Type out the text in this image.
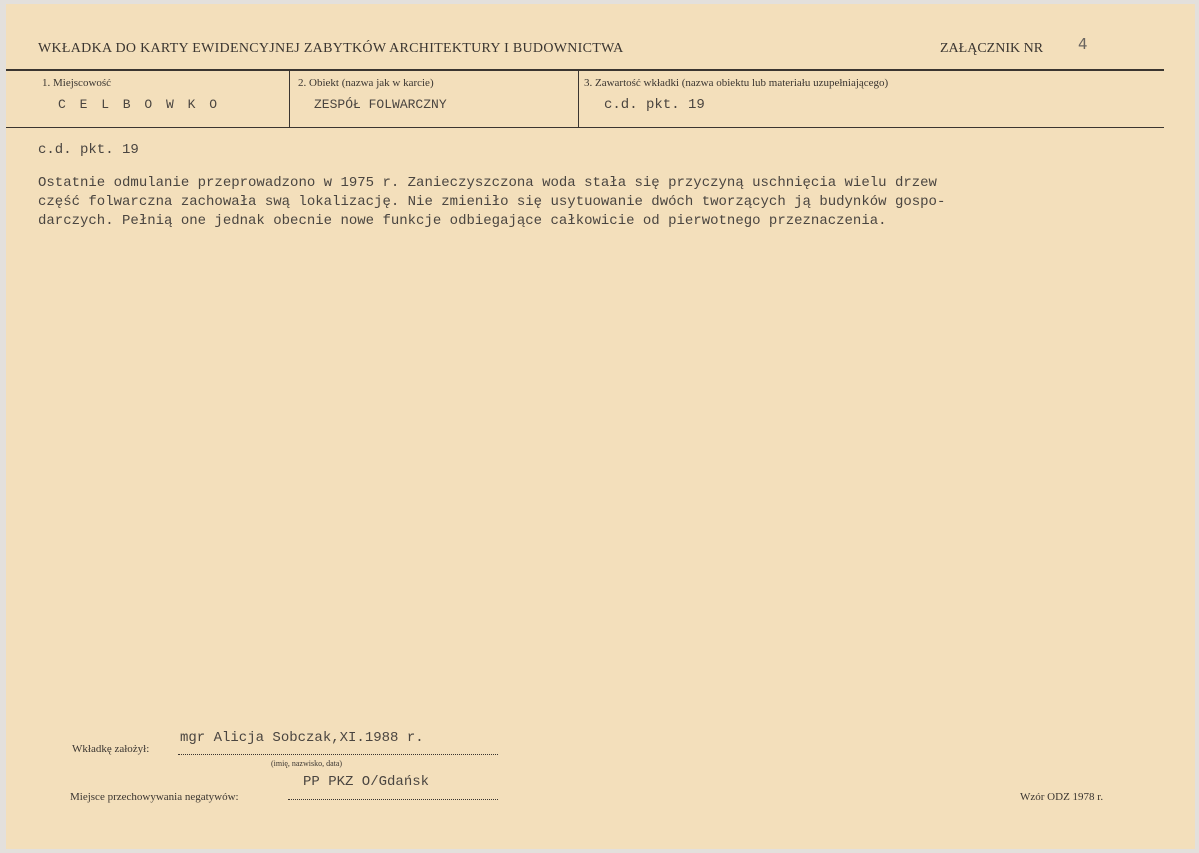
WKŁADKA DO KARTY EWIDENCYJNEJ ZABYTKÓW ARCHITEKTURY I BUDOWNICTWA	ZAŁĄCZNIK NR 4
1. Miejscowość
C E L B O W K O
2. Obiekt (nazwa jak w karcie)
ZESPÓŁ FOLWARCZNY
3. Zawartość wkładki (nazwa obiektu lub materiału uzupełniającego)
c.d. pkt. 19
c.d. pkt. 19
Ostatnie odmulanie przeprowadzono w 1975 r. Zanieczyszczona woda stała się przyczyną uschnięcia wielu drzew
część folwarczna zachowała swą lokalizację. Nie zmieniło się usytuowanie dwóch tworzących ją budynków gospo-
darczych. Pełnią one jednak obecnie nowe funkcje odbiegające całkowicie od pierwotnego przeznaczenia.
Wkładkę założył:
mgr Alicja Sobczak,XI.1988 r.
(imię, nazwisko, data)
Miejsce przechowywania negatywów:
PP PKZ O/Gdańsk
Wzór ODZ 1978 r.
